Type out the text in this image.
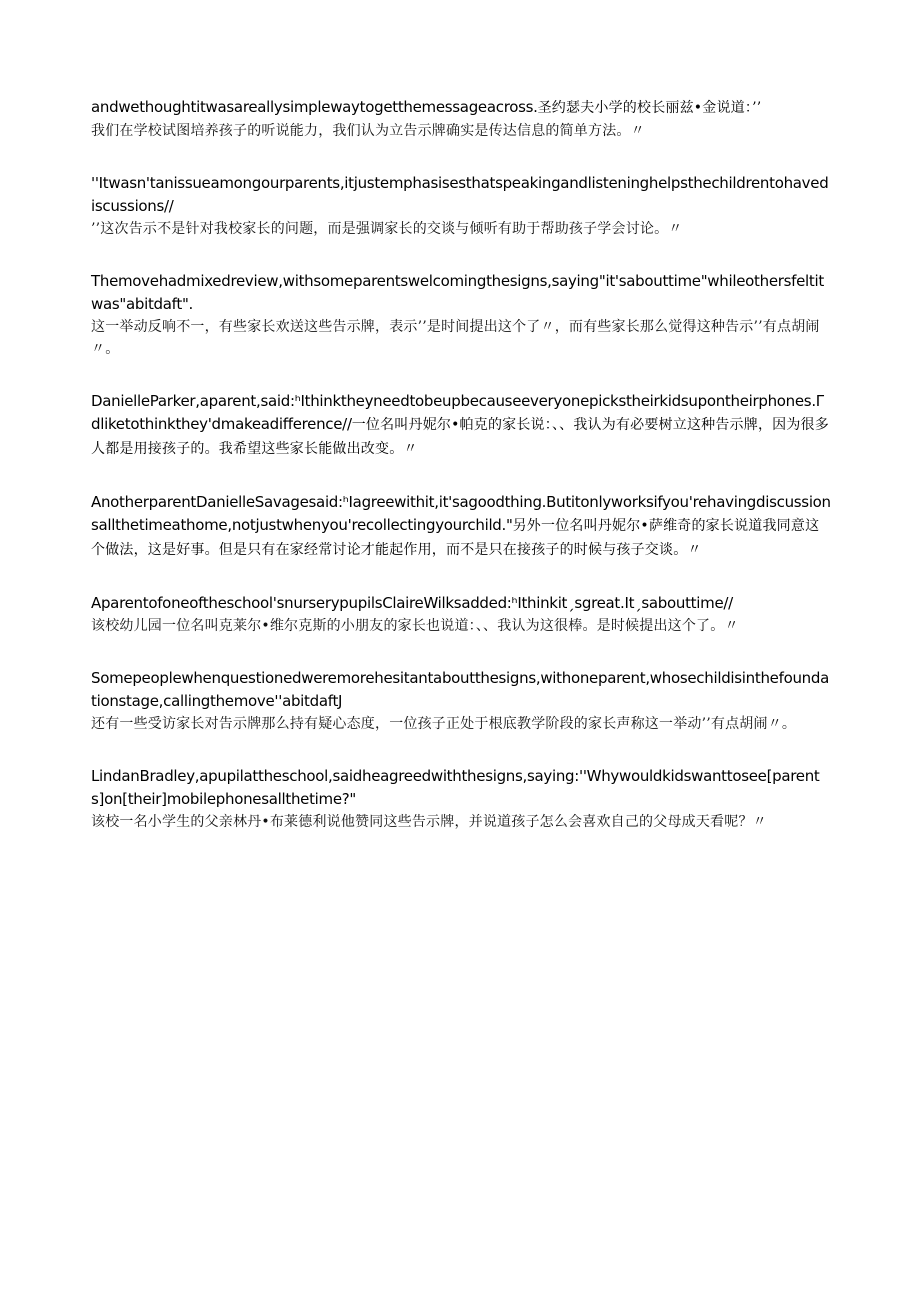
andwethoughtitwasareallysimplewaytogetthemessageacross.圣约瑟夫小学的校长丽兹•金说道：’’

我们在学校试图培养孩子的听说能力，我们认为立告示牌确实是传达信息的简单方法。〃

''Itwasn'tanissueamongourparents,itjustemphasisesthatspeakingandlisteninghelpsthechildrentohavediscussions//

’’这次告示不是针对我校家长的问题，而是强调家长的交谈与倾听有助于帮助孩子学会讨论。〃

Themovehadmixedreview,withsomeparentswelcomingthesigns,saying"it'sabouttime"whileothersfeltitwas"abitdaft".

这一举动反响不一，有些家长欢送这些告示牌，表示’’是时间提出这个了〃，而有些家长那么觉得这种告示’’有点胡闹〃。

DanielleParker,aparent,said:ʰIthinktheyneedtobeupbecauseeveryonepickstheirkidsupontheirphones.Γdliketothinkthey'dmakeadifference//一位名叫丹妮尔•帕克的家长说：、、我认为有必要树立这种告示牌，因为很多人都是用接孩子的。我希望这些家长能做出改变。〃

AnotherparentDanielleSavagesaid:ʰIagreewithit,it'sagoodthing.Butitonlyworksifyou'rehavingdiscussionsallthetimeathome,notjustwhenyou'recollectingyourchild."另外一位名叫丹妮尔•萨维奇的家长说道我同意这个做法，这是好事。但是只有在家经常讨论才能起作用，而不是只在接孩子的时候与孩子交谈。〃

Aparentofoneoftheschool'snurserypupilsClaireWilksadded:ʰIthinkitˏsgreat.Itˏsabouttime//

该校幼儿园一位名叫克莱尔•维尔克斯的小朋友的家长也说道：、、我认为这很棒。是时候提出这个了。〃

Somepeoplewhenquestionedweremorehesitantaboutthesigns,withoneparent,whosechildisinthefoundationstage,callingthemove''abitdaftJ

还有一些受访家长对告示牌那么持有疑心态度，一位孩子正处于根底教学阶段的家长声称这一举动’’有点胡闹〃。

LindanBradley,apupilattheschool,saidheagreedwiththesigns,saying:''Whywouldkidswanttosee[parents]on[their]mobilephonesallthetime?"

该校一名小学生的父亲林丹•布莱德利说他赞同这些告示牌，并说道孩子怎么会喜欢自己的父母成天看呢？〃
